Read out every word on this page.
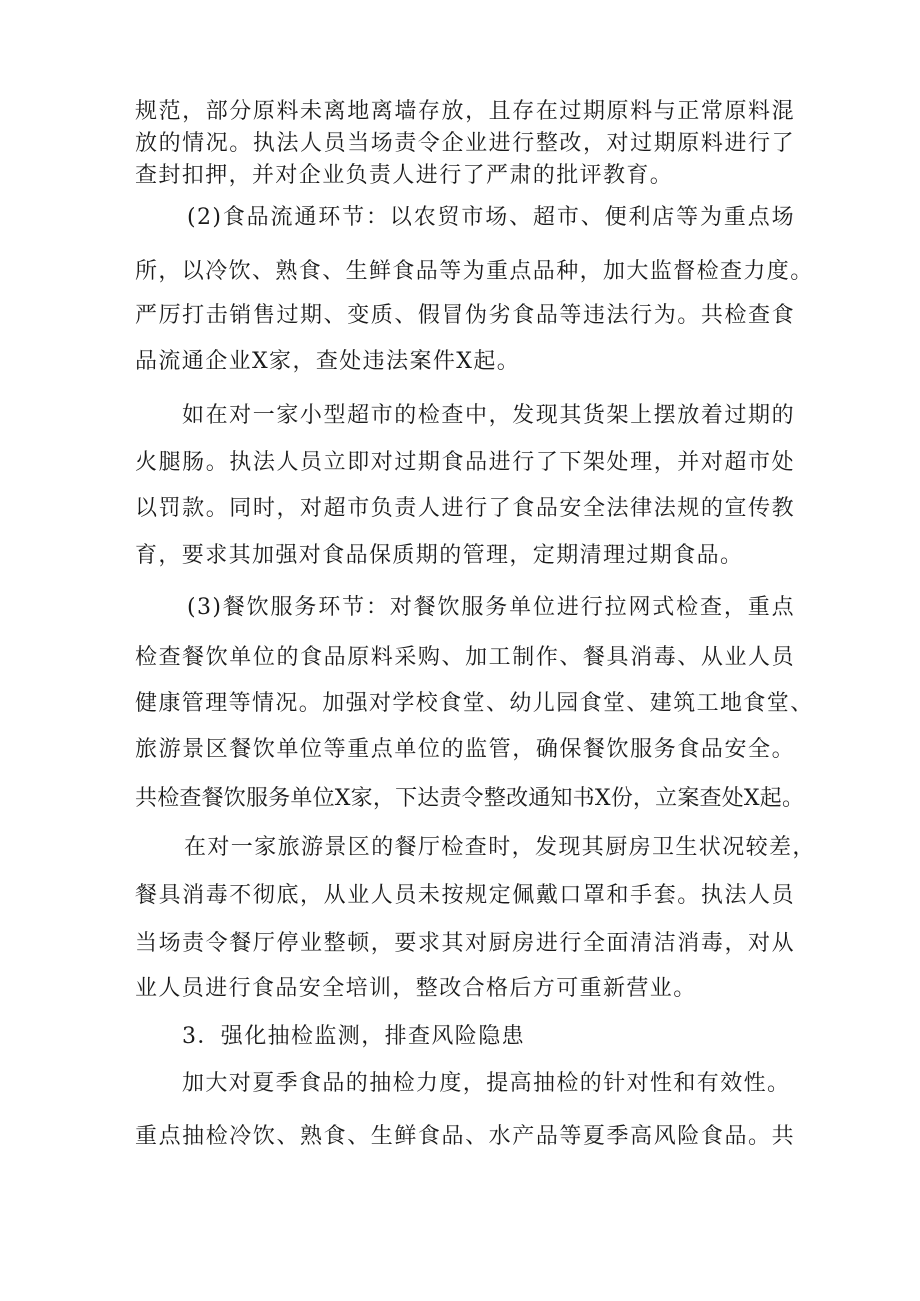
规范，部分原料未离地离墙存放，且存在过期原料与正常原料混
放的情况。执法人员当场责令企业进行整改，对过期原料进行了
查封扣押，并对企业负责人进行了严肃的批评教育。
(2)食品流通环节：以农贸市场、超市、便利店等为重点场
所，以冷饮、熟食、生鲜食品等为重点品种，加大监督检查力度。
严厉打击销售过期、变质、假冒伪劣食品等违法行为。共检查食
品流通企业X家，查处违法案件X起。
如在对一家小型超市的检查中，发现其货架上摆放着过期的
火腿肠。执法人员立即对过期食品进行了下架处理，并对超市处
以罚款。同时，对超市负责人进行了食品安全法律法规的宣传教
育，要求其加强对食品保质期的管理，定期清理过期食品。
(3)餐饮服务环节：对餐饮服务单位进行拉网式检查，重点
检查餐饮单位的食品原料采购、加工制作、餐具消毒、从业人员
健康管理等情况。加强对学校食堂、幼儿园食堂、建筑工地食堂、
旅游景区餐饮单位等重点单位的监管，确保餐饮服务食品安全。
共检查餐饮服务单位X家，下达责令整改通知书X份，立案查处X起。
在对一家旅游景区的餐厅检查时，发现其厨房卫生状况较差，
餐具消毒不彻底，从业人员未按规定佩戴口罩和手套。执法人员
当场责令餐厅停业整顿，要求其对厨房进行全面清洁消毒，对从
业人员进行食品安全培训，整改合格后方可重新营业。
3．强化抽检监测，排查风险隐患
加大对夏季食品的抽检力度，提高抽检的针对性和有效性。
重点抽检冷饮、熟食、生鲜食品、水产品等夏季高风险食品。共
